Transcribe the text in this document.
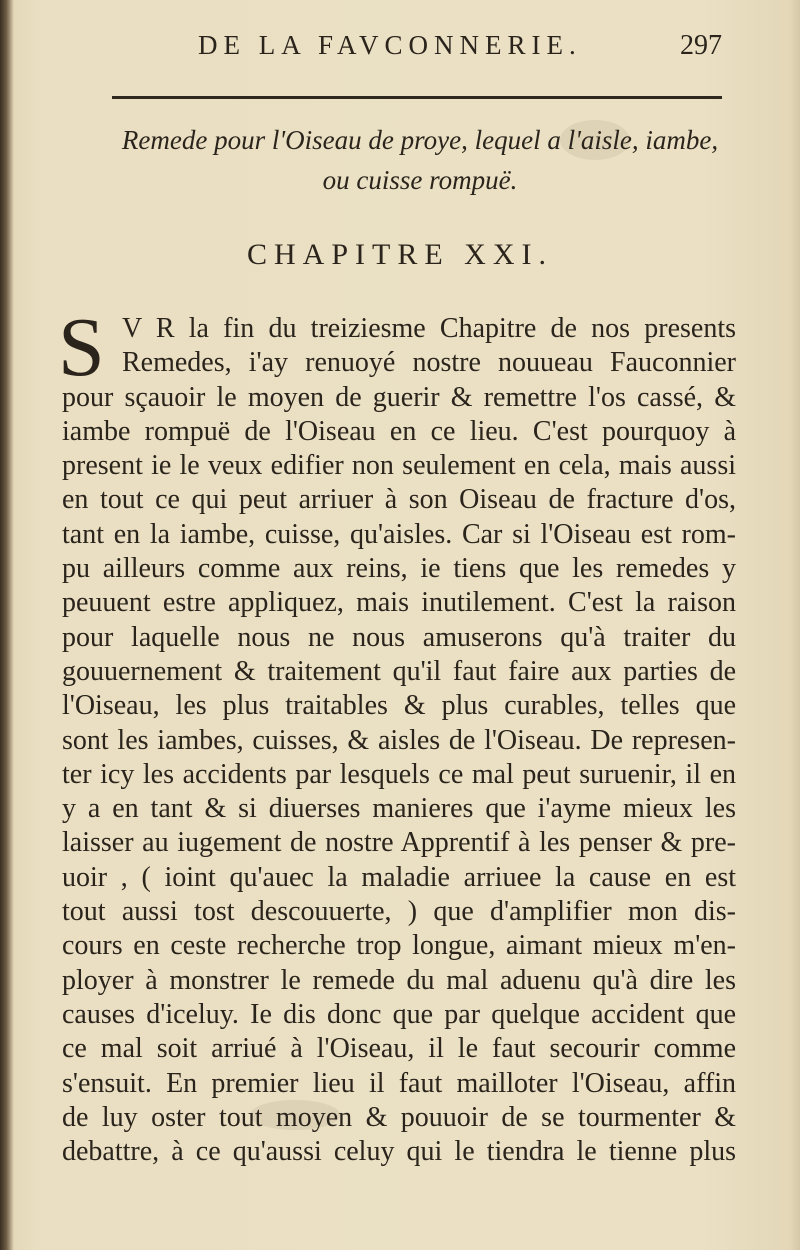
DE LA FAVCONNERIE.	297
Remede pour l'Oiseau de proye, lequel a l'aisle, iambe,
ou cuisse rompuë.
CHAPITRE XXI.
S V R la fin du treiziesme Chapitre de nos presents
Remedes, i'ay renuoyé nostre nouueau Fauconnier
pour sçauoir le moyen de guerir & remettre l'os cassé, &
iambe rompuë de l'Oiseau en ce lieu. C'est pourquoy à
present ie le veux edifier non seulement en cela, mais aussi
en tout ce qui peut arriuer à son Oiseau de fracture d'os,
tant en la iambe, cuisse, qu'aisles. Car si l'Oiseau est rom-
pu ailleurs comme aux reins, ie tiens que les remedes y
peuuent estre appliquez, mais inutilement. C'est la raison
pour laquelle nous ne nous amuserons qu'à traiter du
gouuernement & traitement qu'il faut faire aux parties de
l'Oiseau, les plus traitables & plus curables, telles que
sont les iambes, cuisses, & aisles de l'Oiseau. De represen-
ter icy les accidents par lesquels ce mal peut suruenir, il en
y a en tant & si diuerses manieres que i'ayme mieux les
laisser au iugement de nostre Apprentif à les penser & pre-
uoir , ( ioint qu'auec la maladie arriuee la cause en est
tout aussi tost descouuerte, ) que d'amplifier mon dis-
cours en ceste recherche trop longue, aimant mieux m'en-
ployer à monstrer le remede du mal aduenu qu'à dire les
causes d'iceluy. Ie dis donc que par quelque accident que
ce mal soit arriué à l'Oiseau, il le faut secourir comme
s'ensuit. En premier lieu il faut mailloter l'Oiseau, affin
de luy oster tout moyen & pouuoir de se tourmenter &
debattre, à ce qu'aussi celuy qui le tiendra le tienne plus
